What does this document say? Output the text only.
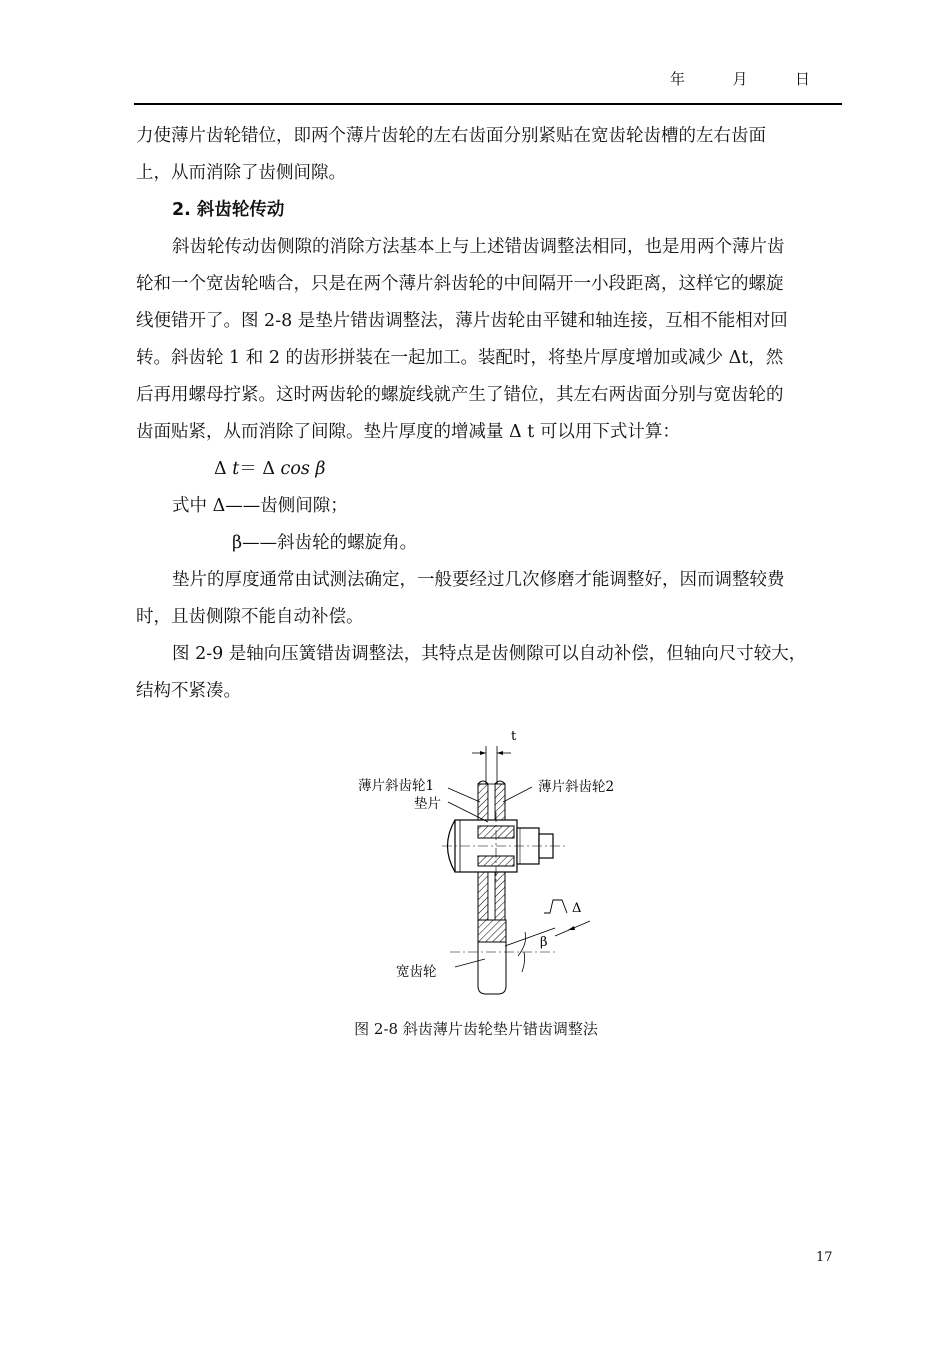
年	月	日
力使薄片齿轮错位，即两个薄片齿轮的左右齿面分别紧贴在宽齿轮齿槽的左右齿面
上，从而消除了齿侧间隙。
2. 斜齿轮传动
斜齿轮传动齿侧隙的消除方法基本上与上述错齿调整法相同，也是用两个薄片齿
轮和一个宽齿轮啮合，只是在两个薄片斜齿轮的中间隔开一小段距离，这样它的螺旋
线便错开了。图 2-8 是垫片错齿调整法，薄片齿轮由平键和轴连接，互相不能相对回
转。斜齿轮 1 和 2 的齿形拼装在一起加工。装配时，将垫片厚度增加或减少 Δt，然
后再用螺母拧紧。这时两齿轮的螺旋线就产生了错位，其左右两齿面分别与宽齿轮的
齿面贴紧，从而消除了间隙。垫片厚度的增减量 Δ t 可以用下式计算：
Δ t＝ Δ cos β
式中 Δ——齿侧间隙；
β——斜齿轮的螺旋角。
垫片的厚度通常由试测法确定，一般要经过几次修磨才能调整好，因而调整较费
时，且齿侧隙不能自动补偿。
图 2-9 是轴向压簧错齿调整法，其特点是齿侧隙可以自动补偿，但轴向尺寸较大，
结构不紧凑。
t
Δ
β
薄片斜齿轮1
垫片
薄片斜齿轮2
宽齿轮
图 2-8 斜齿薄片齿轮垫片错齿调整法
17
